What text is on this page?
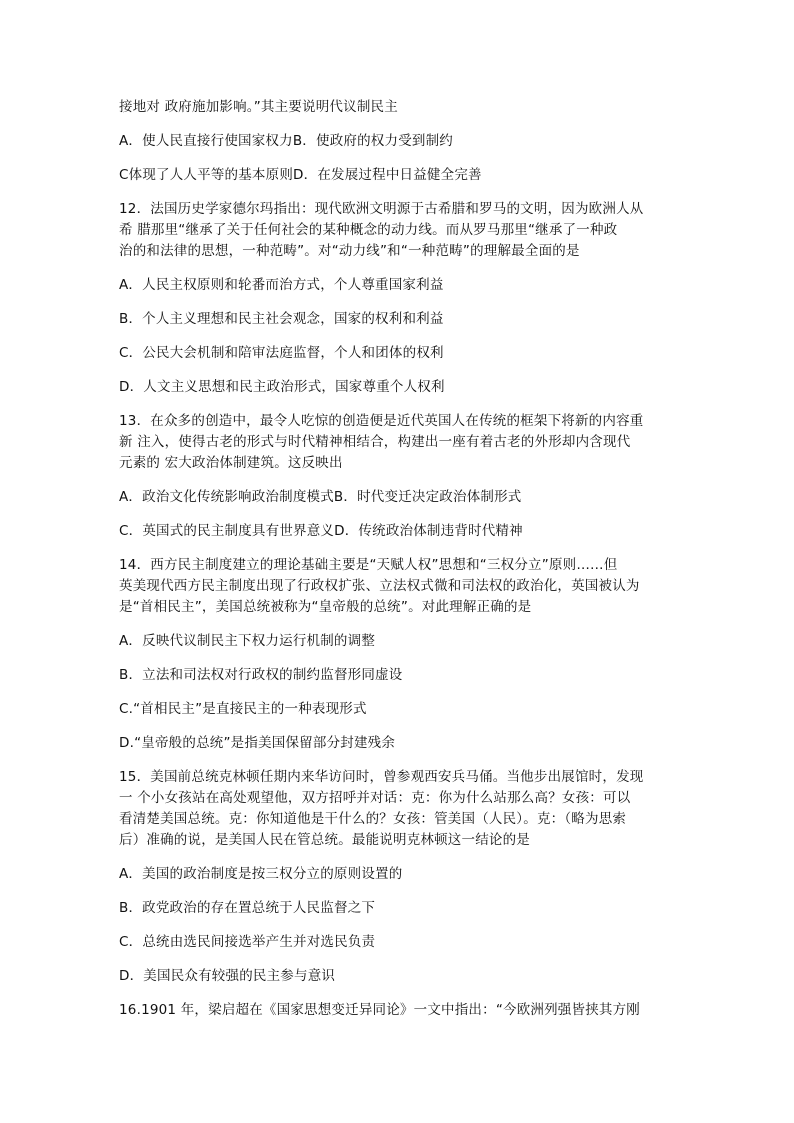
接地对 政府施加影响。”其主要说明代议制民主
A．使人民直接行使国家权力B．使政府的权力受到制约
C体现了人人平等的基本原则D．在发展过程中日益健全完善
12．法国历史学家德尔玛指出：现代欧洲文明源于古希腊和罗马的文明，因为欧洲人从
希 腊那里“继承了关于任何社会的某种概念的动力线。而从罗马那里“继承了一种政
治的和法律的思想，一种范畴”。对“动力线”和“一种范畴”的理解最全面的是
A．人民主权原则和轮番而治方式，个人尊重国家利益
B．个人主义理想和民主社会观念，国家的权利和利益
C．公民大会机制和陪审法庭监督，个人和团体的权利
D．人文主义思想和民主政治形式，国家尊重个人权利
13．在众多的创造中，最令人吃惊的创造便是近代英国人在传统的框架下将新的内容重
新 注入，使得古老的形式与时代精神相结合，构建出一座有着古老的外形却内含现代
元素的 宏大政治体制建筑。这反映出
A．政治文化传统影响政治制度模式B．时代变迁决定政治体制形式
C．英国式的民主制度具有世界意义D．传统政治体制违背时代精神
14．西方民主制度建立的理论基础主要是“天赋人权”思想和“三权分立”原则……但
英美现代西方民主制度出现了行政权扩张、立法权式微和司法权的政治化，英国被认为
是“首相民主”，美国总统被称为“皇帝般的总统”。对此理解正确的是
A．反映代议制民主下权力运行机制的调整
B．立法和司法权对行政权的制约监督形同虚设
C.“首相民主”是直接民主的一种表现形式
D.“皇帝般的总统”是指美国保留部分封建残余
15．美国前总统克林顿任期内来华访问时，曾参观西安兵马俑。当他步出展馆时，发现
一 个小女孩站在高处观望他，双方招呼并对话：克：你为什么站那么高？女孩：可以
看清楚美国总统。克：你知道他是干什么的？女孩：管美国（人民）。克：（略为思索
后）准确的说，是美国人民在管总统。最能说明克林顿这一结论的是
A．美国的政治制度是按三权分立的原则设置的
B．政党政治的存在置总统于人民监督之下
C．总统由选民间接选举产生并对选民负责
D．美国民众有较强的民主参与意识
16.1901 年，梁启超在《国家思想变迁异同论》一文中指出：“今欧洲列强皆挟其方刚
